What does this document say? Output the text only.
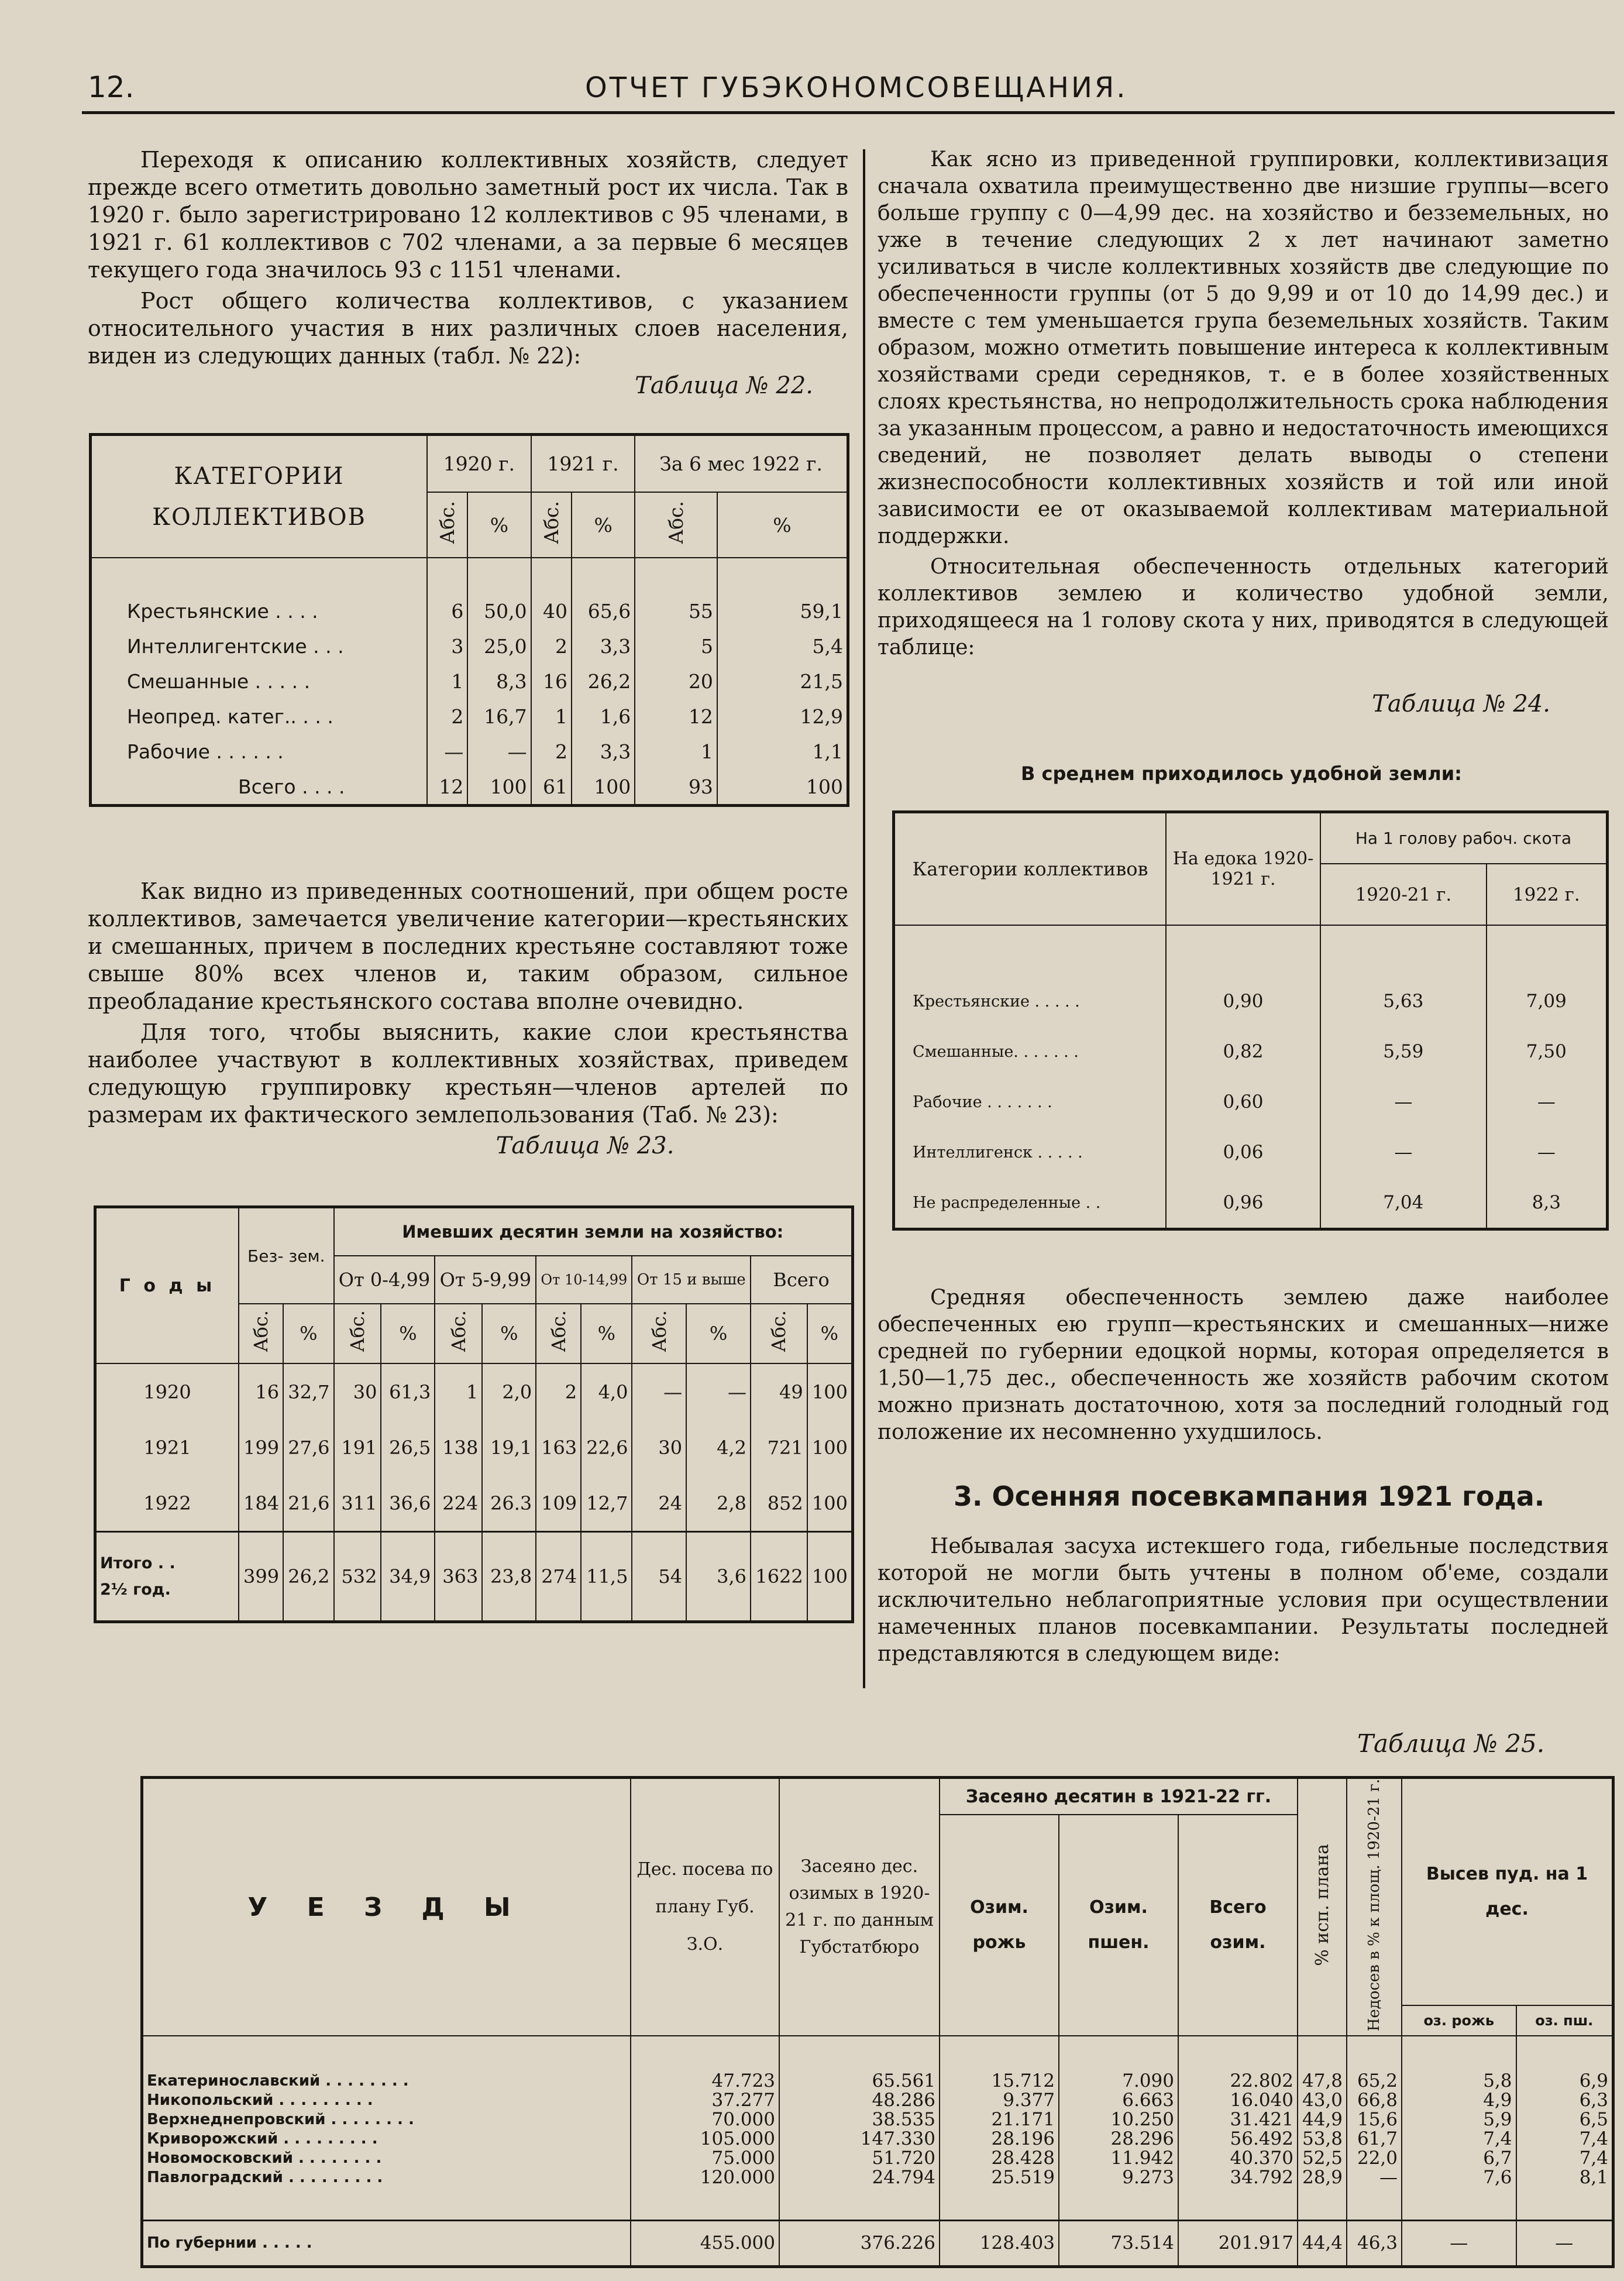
12.	ОТЧЕТ ГУБЭКОНОМСОВЕЩАНИЯ.

Переходя к описанию коллективных хозяйств, следует прежде всего отметить довольно заметный рост их числа. Так в 1920 г. было зарегистрировано 12 коллективов с 95 членами, в 1921 г. 61 коллективов с 702 членами, а за первые 6 месяцев текущего года значилось 93 с 1151 членами.

Рост общего количества коллективов, с указанием относительного участия в них различных слоев населения, виден из следующих данных (табл. № 22):

Таблица № 22.
КАТЕГОРИИ КОЛЛЕКТИВОВ	1920 г.		1921 г.		За 6 мес 1922 г.	
	Абс.	%	Абс.	%	Абс.	%

Крестьянские . . . .	6	50,0	40	65,6	55	59,1
Интеллигентские . . .	3	25,0	2	3,3	5	5,4
Смешанные . . . . .	1	8,3	16	26,2	20	21,5
Неопред. катег.. . . .	2	16,7	1	1,6	12	12,9
Рабочие . . . . . .	—	—	2	3,3	1	1,1
Всего . . . .	12	100	61	100	93	100

Как видно из приведенных соотношений, при общем росте коллективов, замечается увеличение категории—крестьянских и смешанных, причем в последних крестьяне составляют тоже свыше 80% всех членов и, таким образом, сильное преобладание крестьянского состава вполне очевидно.

Для того, чтобы выяснить, какие слои крестьянства наиболее участвуют в коллективных хозяйствах, приведем следующую группировку крестьян—членов артелей по размерам их фактического землепользования (Таб. № 23):

Таблица № 23.
Г о д ы	Без- зем.		Имевших десятин земли на хозяйство:									
			От 0-4,99		От 5-9,99		От 10-14,99		От 15 и выше		Всего	
	Абс.	%	Абс.	%	Абс.	%	Абс.	%	Абс.	%	Абс.	%
1920	16	32,7	30	61,3	1	2,0	2	4,0	—	—	49	100
1921	199	27,6	191	26,5	138	19,1	163	22,6	30	4,2	721	100
1922	184	21,6	311	36,6	224	26.3	109	12,7	24	2,8	852	100

Итого . .
2½ год.	399	26,2	532	34,9	363	23,8	274	11,5	54	3,6	1622	100

Как ясно из приведенной группировки, коллективизация сначала охватила преимущественно две низшие группы—всего больше группу с 0—4,99 дес. на хозяйство и безземельных, но уже в течение следующих 2 х лет начинают заметно усиливаться в числе коллективных хозяйств две следующие по обеспеченности группы (от 5 до 9,99 и от 10 до 14,99 дес.) и вместе с тем уменьшается група беземельных хозяйств. Таким образом, можно отметить повышение интереса к коллективным хозяйствами среди середняков, т. е в более хозяйственных слоях крестьянства, но непродолжительность срока наблюдения за указанным процессом, а равно и недостаточность имеющихся сведений, не позволяет делать выводы о степени жизнеспособности коллективных хозяйств и той или иной зависимости ее от оказываемой коллективам материальной поддержки.

Относительная обеспеченность отдельных категорий коллективов землею и количество удобной земли, приходящееся на 1 голову скота у них, приводятся в следующей таблице:

Таблица № 24.
В среднем приходилось удобной земли:
Категории коллективов	На едока 1920-1921 г.	На 1 голову рабоч. скота	
		1920-21 г.	1922 г.

Крестьянские . . . . .	0,90	5,63	7,09
Смешанные. . . . . . .	0,82	5,59	7,50
Рабочие . . . . . . .	0,60	—	—
Интеллигенск . . . . .	0,06	—	—
Не распределенные . .	0,96	7,04	8,3

Средняя обеспеченность землею даже наиболее обеспеченных ею групп—крестьянских и смешанных—ниже средней по губернии едоцкой нормы, которая определяется в 1,50—1,75 дес., обеспеченность же хозяйств рабочим скотом можно признать достаточною, хотя за последний голодный год положение их несомненно ухудшилось.

3. Осенняя посевкампания 1921 года.

Небывалая засуха истекшего года, гибельные последствия которой не могли быть учтены в полном об'еме, создали исключительно неблагоприятные условия при осуществлении намеченных планов посевкампании. Результаты последней представляются в следующем виде:

Таблица № 25.
У Е З Д Ы	Дес. посева по плану Губ. З.О.	Засеяно дес. озимых в 1920-21 г. по данным Губстатбюро	Засеяно десятин в 1921-22 гг.			% исп. плана	Недосев в % к площ. 1920-21 г.	Высев пуд. на 1 дес.	
			Озим. рожь	Озим. пшен.	Всего озим.				
								оз. рожь	оз. пш.

Екатеринославский . . . . . . . .	47.723	65.561	15.712	7.090	22.802	47,8	65,2	5,8	6,9
Никопольский . . . . . . . . .	37.277	48.286	9.377	6.663	16.040	43,0	66,8	4,9	6,3
Верхнеднепровский . . . . . . . .	70.000	38.535	21.171	10.250	31.421	44,9	15,6	5,9	6,5
Криворожский . . . . . . . . .	105.000	147.330	28.196	28.296	56.492	53,8	61,7	7,4	7,4
Новомосковский . . . . . . . .	75.000	51.720	28.428	11.942	40.370	52,5	22,0	6,7	7,4
Павлоградский . . . . . . . . .	120.000	24.794	25.519	9.273	34.792	28,9	—	7,6	8,1

По губернии . . . . .	455.000	376.226	128.403	73.514	201.917	44,4	46,3	—	—
